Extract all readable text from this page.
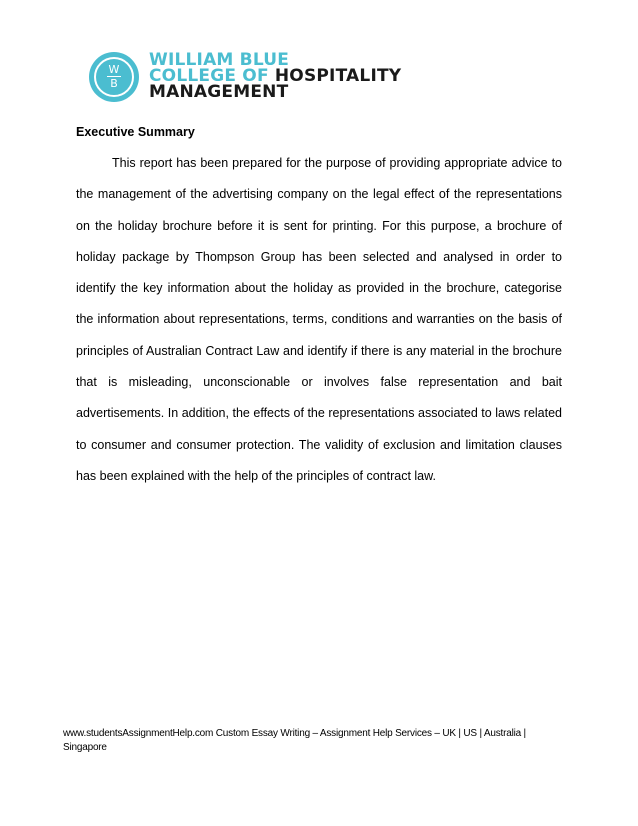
W
B
WILLIAM BLUE
COLLEGE OF HOSPITALITY
MANAGEMENT
Executive Summary

This report has been prepared for the purpose of providing appropriate advice to the management of the advertising company on the legal effect of the representations on the holiday brochure before it is sent for printing. For this purpose, a brochure of holiday package by Thompson Group has been selected and analysed in order to identify the key information about the holiday as provided in the brochure, categorise the information about representations, terms, conditions and warranties on the basis of principles of Australian Contract Law and identify if there is any material in the brochure that is misleading, unconscionable or involves false representation and bait advertisements. In addition, the effects of the representations associated to laws related to consumer and consumer protection. The validity of exclusion and limitation clauses has been explained with the help of the principles of contract law.

www.studentsAssignmentHelp.com Custom Essay Writing – Assignment Help Services – UK | US | Australia | Singapore
